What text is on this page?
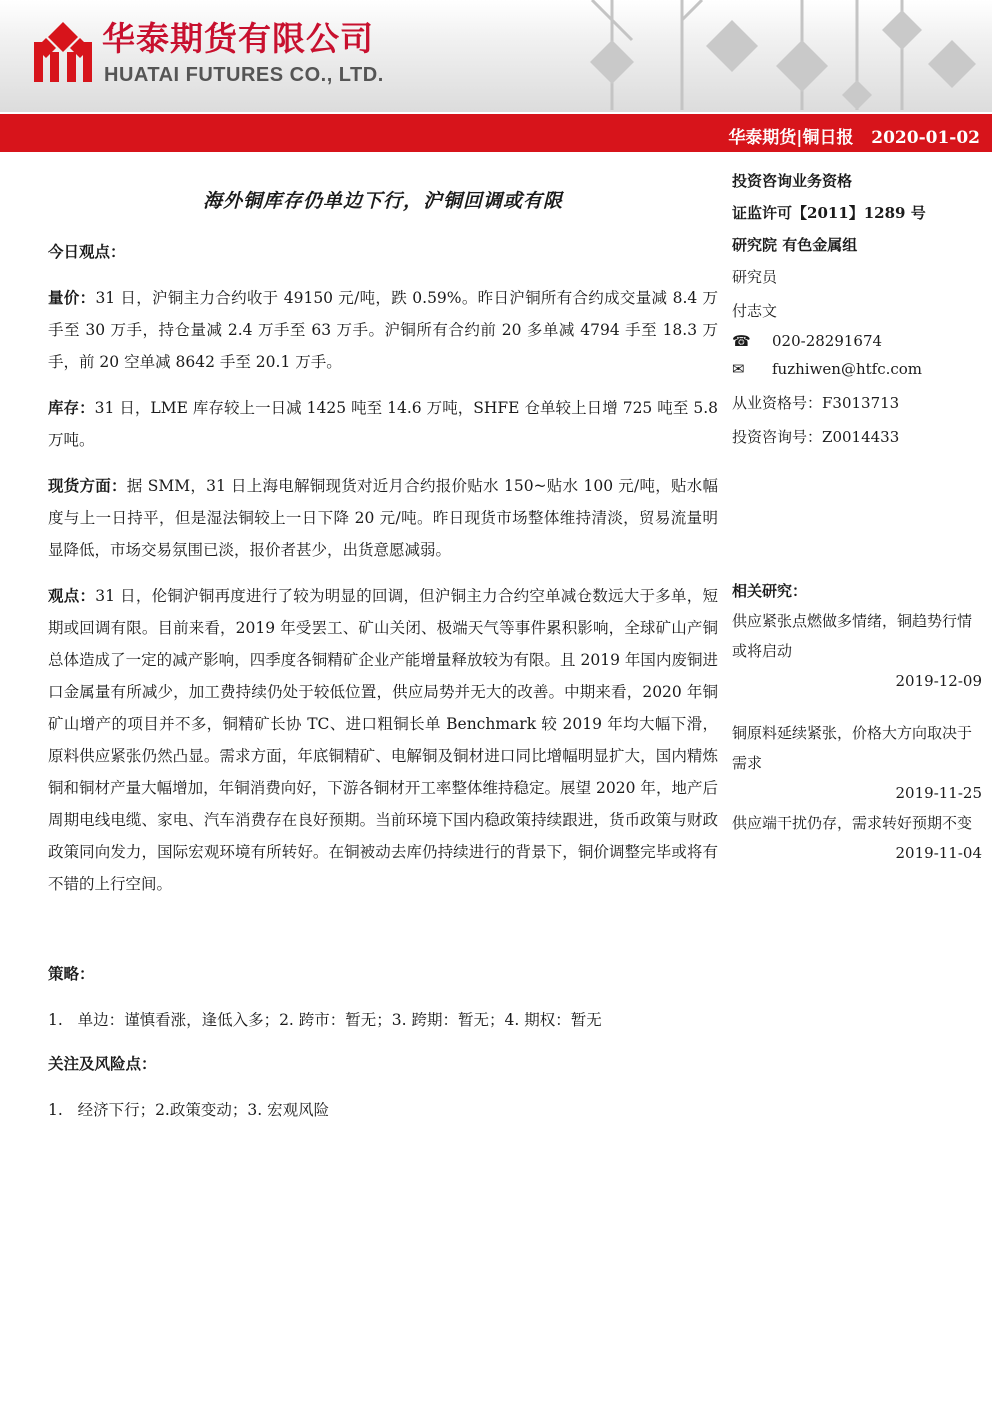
华泰期货有限公司
HUATAI FUTURES CO., LTD.
华泰期货|铜日报   2020-01-02
海外铜库存仍单边下行，沪铜回调或有限

今日观点：

量价：31 日，沪铜主力合约收于 49150 元/吨，跌 0.59%。昨日沪铜所有合约成交量减 8.4 万手至 30 万手，持仓量减 2.4 万手至 63 万手。沪铜所有合约前 20 多单减 4794 手至 18.3 万手，前 20 空单减 8642 手至 20.1 万手。

库存：31 日，LME 库存较上一日减 1425 吨至 14.6 万吨，SHFE 仓单较上日增 725 吨至 5.8 万吨。

现货方面：据 SMM，31 日上海电解铜现货对近月合约报价贴水 150~贴水 100 元/吨，贴水幅度与上一日持平，但是湿法铜较上一日下降 20 元/吨。昨日现货市场整体维持清淡，贸易流量明显降低，市场交易氛围已淡，报价者甚少，出货意愿减弱。

观点：31 日，伦铜沪铜再度进行了较为明显的回调，但沪铜主力合约空单减仓数远大于多单，短期或回调有限。目前来看，2019 年受罢工、矿山关闭、极端天气等事件累积影响，全球矿山产铜总体造成了一定的减产影响，四季度各铜精矿企业产能增量释放较为有限。且 2019 年国内废铜进口金属量有所减少，加工费持续仍处于较低位置，供应局势并无大的改善。中期来看，2020 年铜矿山增产的项目并不多，铜精矿长协 TC、进口粗铜长单 Benchmark 较 2019 年均大幅下滑，原料供应紧张仍然凸显。需求方面，年底铜精矿、电解铜及铜材进口同比增幅明显扩大，国内精炼铜和铜材产量大幅增加，年铜消费向好，下游各铜材开工率整体维持稳定。展望 2020 年，地产后周期电线电缆、家电、汽车消费存在良好预期。当前环境下国内稳政策持续跟进，货币政策与财政政策同向发力，国际宏观环境有所转好。在铜被动去库仍持续进行的背景下，铜价调整完毕或将有不错的上行空间。

策略：

1.   单边：谨慎看涨，逢低入多；2. 跨市：暂无；3. 跨期：暂无；4. 期权：暂无

关注及风险点：

1.   经济下行；2.政策变动；3. 宏观风险

投资咨询业务资格
证监许可【2011】1289 号
研究院 有色金属组
研究员
付志文
☎ 020-28291674
✉ fuzhiwen@htfc.com
从业资格号：F3013713
投资咨询号：Z0014433
相关研究：
供应紧张点燃做多情绪，铜趋势行情或将启动
2019-12-09
铜原料延续紧张，价格大方向取决于需求
2019-11-25
供应端干扰仍存，需求转好预期不变
2019-11-04
